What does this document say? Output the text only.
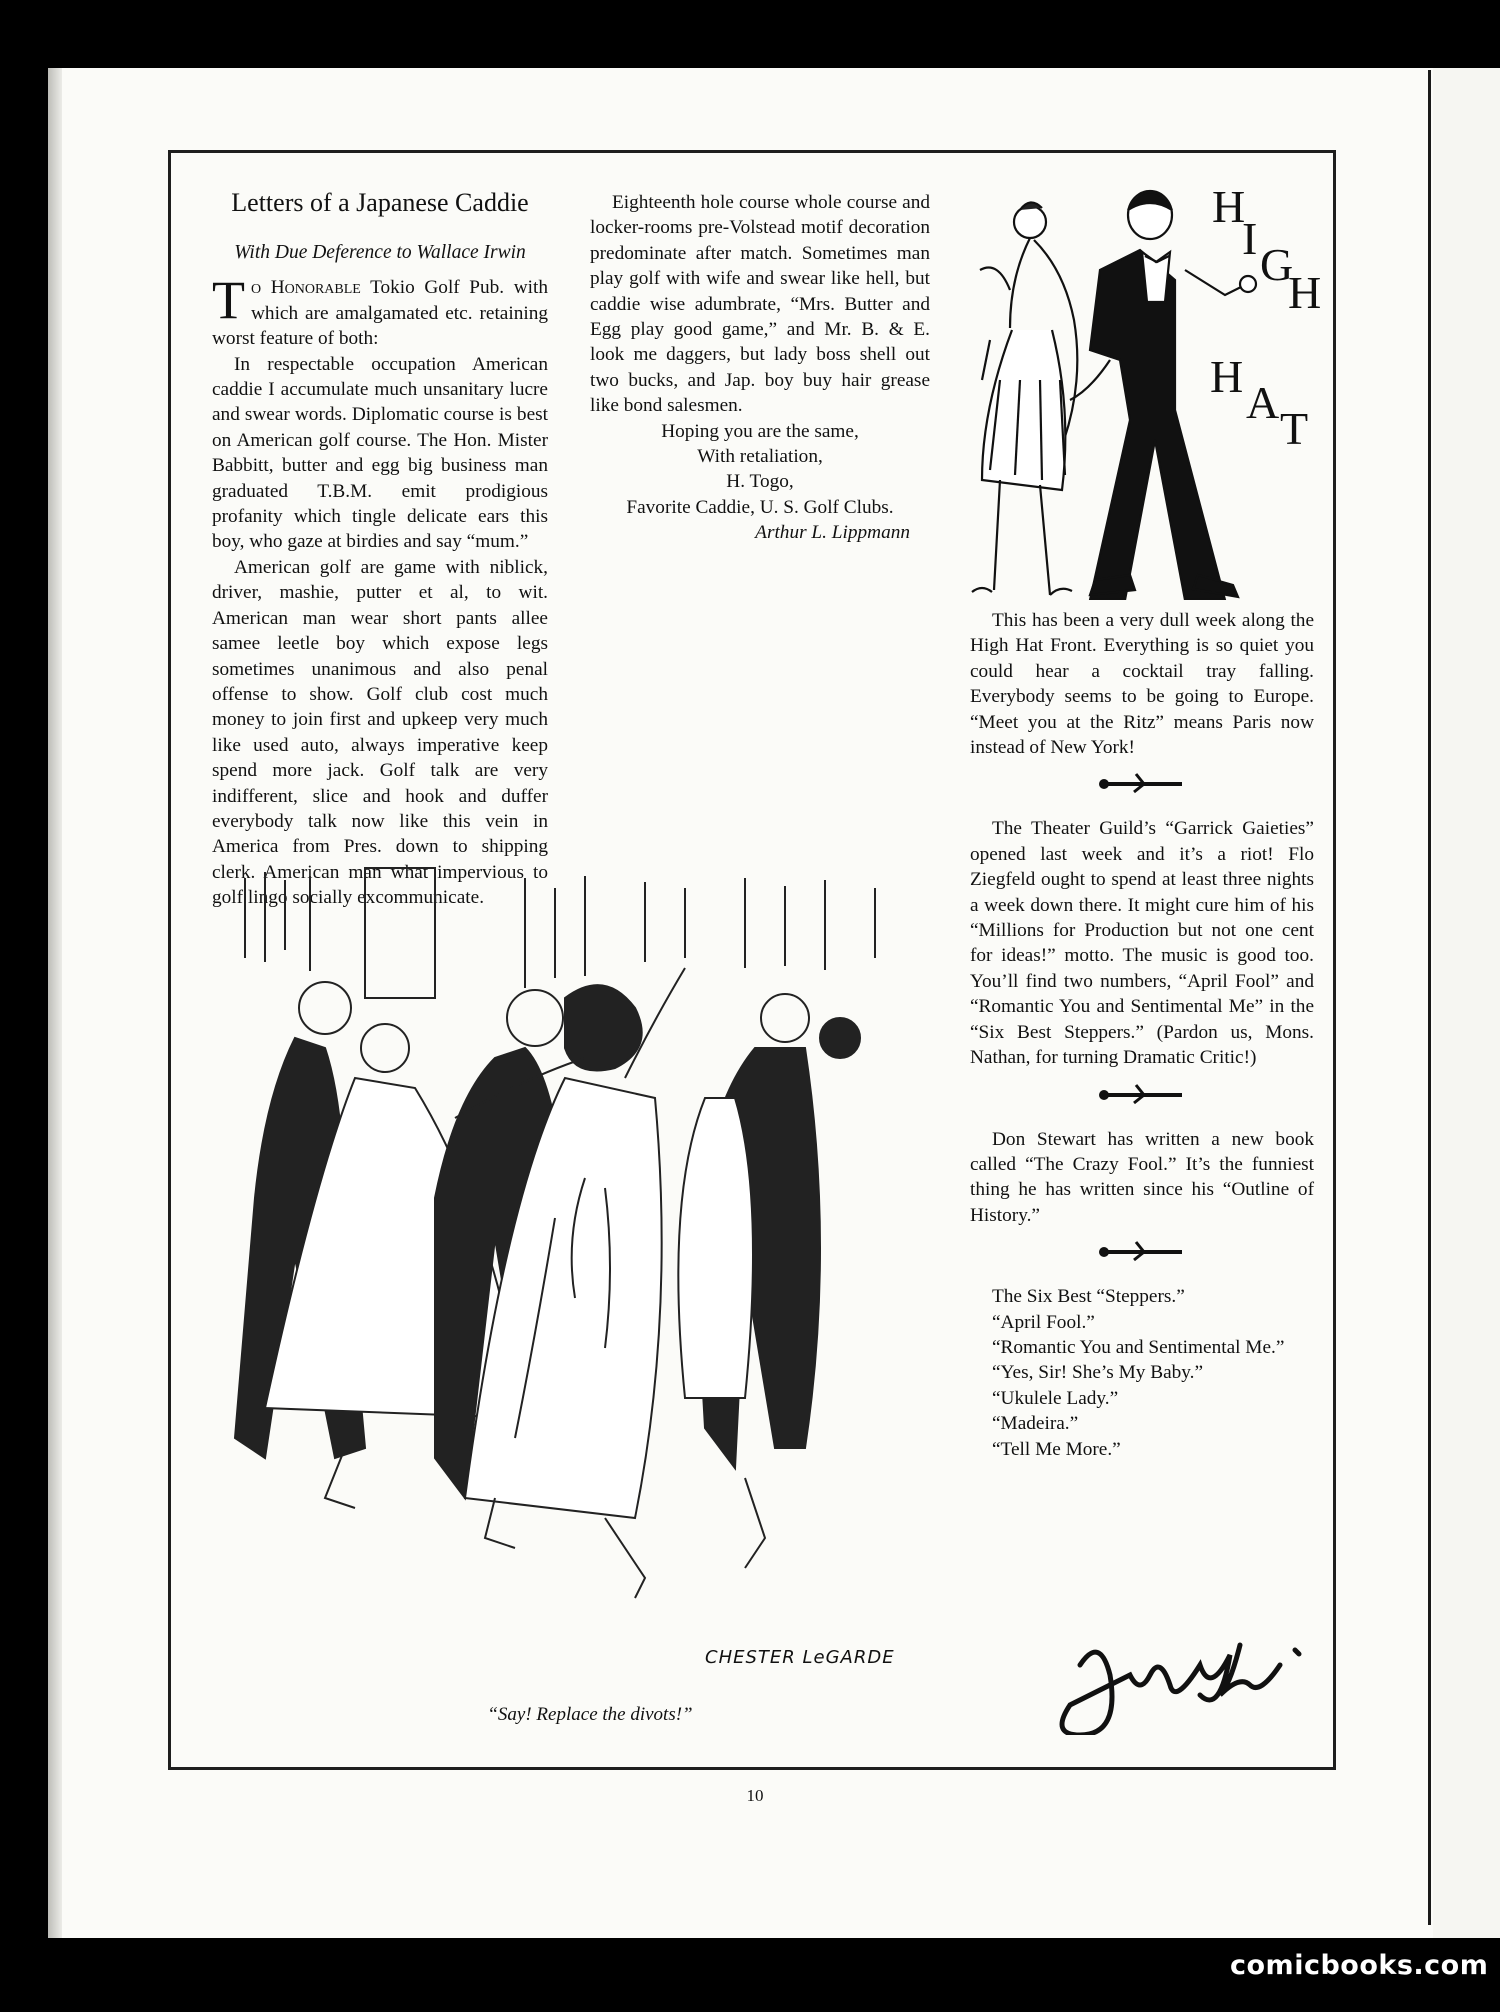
Letters of a Japanese Caddie
With Due Deference to Wallace Irwin

To Honorable Tokio Golf Pub. with which are amalgamated etc. retaining worst feature of both:

In respectable occupation American caddie I accumulate much unsanitary lucre and swear words. Diplomatic course is best on American golf course. The Hon. Mister Babbitt, butter and egg big business man graduated T.B.M. emit prodigious profanity which tingle delicate ears this boy, who gaze at birdies and say “mum.”

American golf are game with niblick, driver, mashie, putter et al, to wit. American man wear short pants allee samee leetle boy which expose legs sometimes unanimous and also penal offense to show. Golf club cost much money to join first and upkeep very much like used auto, always imperative keep spend more jack. Golf talk are very indifferent, slice and hook and duffer everybody talk now like this vein in America from Pres. down to shipping clerk. American man what impervious to golf lingo socially excommunicate.

Eighteenth hole course whole course and locker-rooms pre-Volstead motif decoration predominate after match. Sometimes man play golf with wife and swear like hell, but caddie wise adumbrate, “Mrs. Butter and Egg play good game,” and Mr. B. & E. look me daggers, but lady boss shell out two bucks, and Jap. boy buy hair grease like bond salesmen.

Hoping you are the same,

With retaliation,

H. Togo,

Favorite Caddie, U. S. Golf Clubs.

Arthur L. Lippmann

H
I
G
H
H
A
T

This has been a very dull week along the High Hat Front. Everything is so quiet you could hear a cocktail tray falling. Everybody seems to be going to Europe. “Meet you at the Ritz” means Paris now instead of New York!

The Theater Guild’s “Garrick Gaieties” opened last week and it’s a riot! Flo Ziegfeld ought to spend at least three nights a week down there. It might cure him of his “Millions for Production but not one cent for ideas!” motto. The music is good too. You’ll find two numbers, “April Fool” and “Romantic You and Sentimental Me” in the “Six Best Steppers.” (Pardon us, Mons. Nathan, for turning Dramatic Critic!)

Don Stewart has written a new book called “The Crazy Fool.” It’s the funniest thing he has written since his “Outline of History.”

The Six Best “Steppers.”

“April Fool.”

“Romantic You and Sentimental Me.”

“Yes, Sir! She’s My Baby.”

“Ukulele Lady.”

“Madeira.”

“Tell Me More.”

CHESTER LeGARDE
“Say! Replace the divots!”
10
comicbooks.com
